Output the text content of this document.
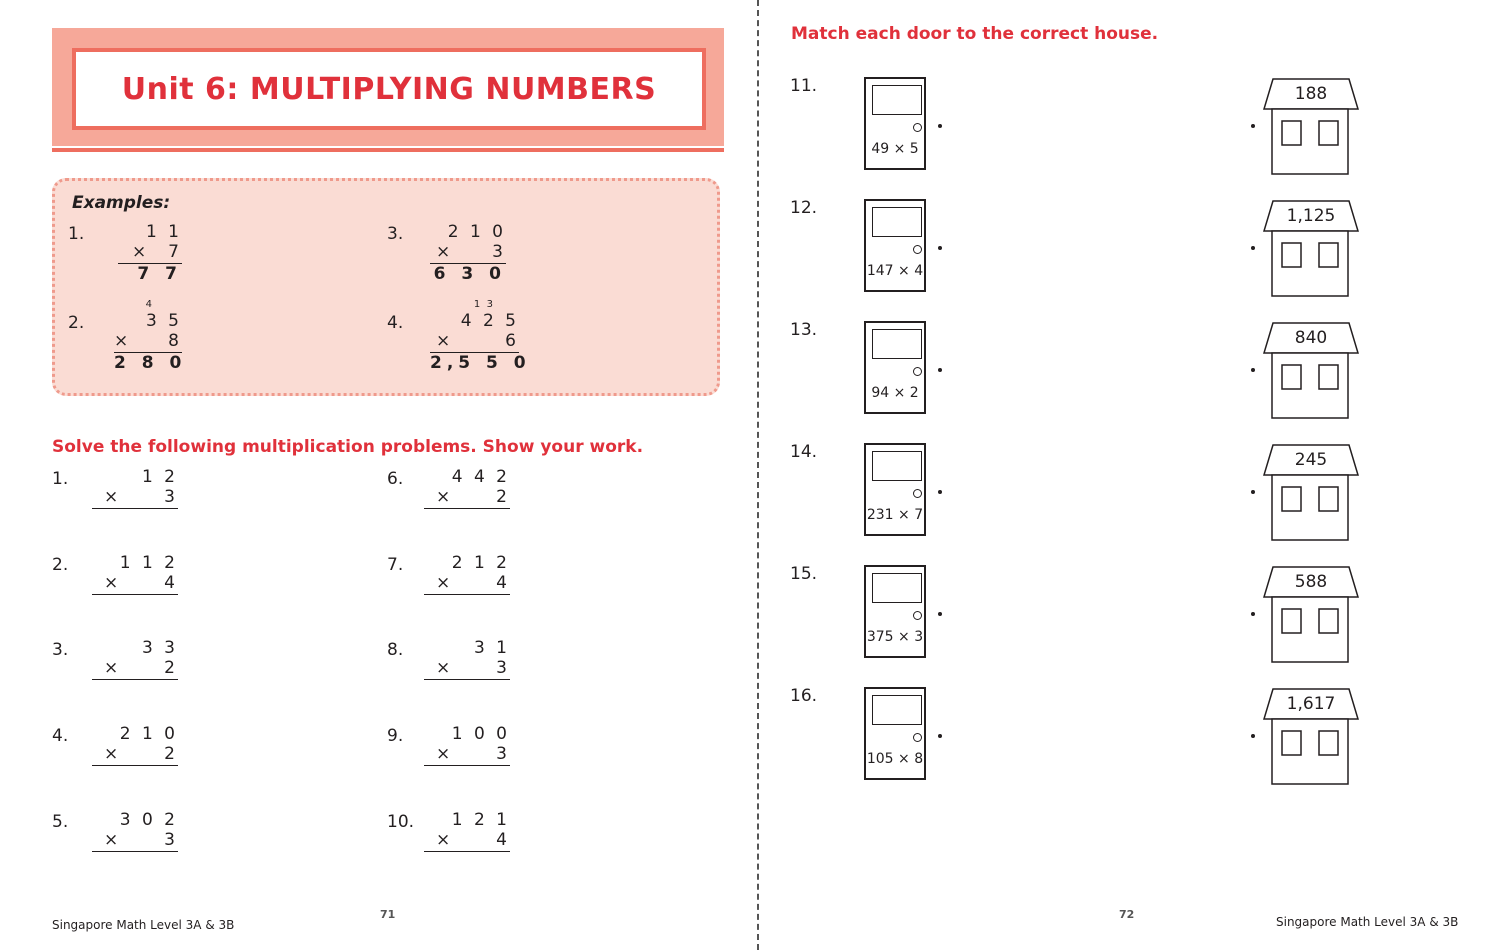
Unit 6: MULTIPLYING NUMBERS
Examples:
1.	1 1
× 7
7 7
2.	3 5
× 8
2 8 0
4
3.	2 1 0
× 3
6 3 0
4.	4 2 5
×	6
2,5 5 0
1  3
Solve the following multiplication problems. Show your work.
1.	1 2
×	3
2.	1 1 2
×	4
3.	3 3
×	2
4.	2 1 0
×	2
5.	3 0 2
×	3
6.	4 4 2
×	2
7.	2 1 2
×	4
8.	3 1
×	3
9.	1 0 0
×	3
10.	1 2 1
×	4
Singapore Math Level 3A & 3B
71
Match each door to the correct house.
11.
49 × 5
188
12.
147 × 4
1,125
13.
94 × 2
840
14.
231 × 7
245
15.
375 × 3
588
16.
105 × 8
1,617
72
Singapore Math Level 3A & 3B
